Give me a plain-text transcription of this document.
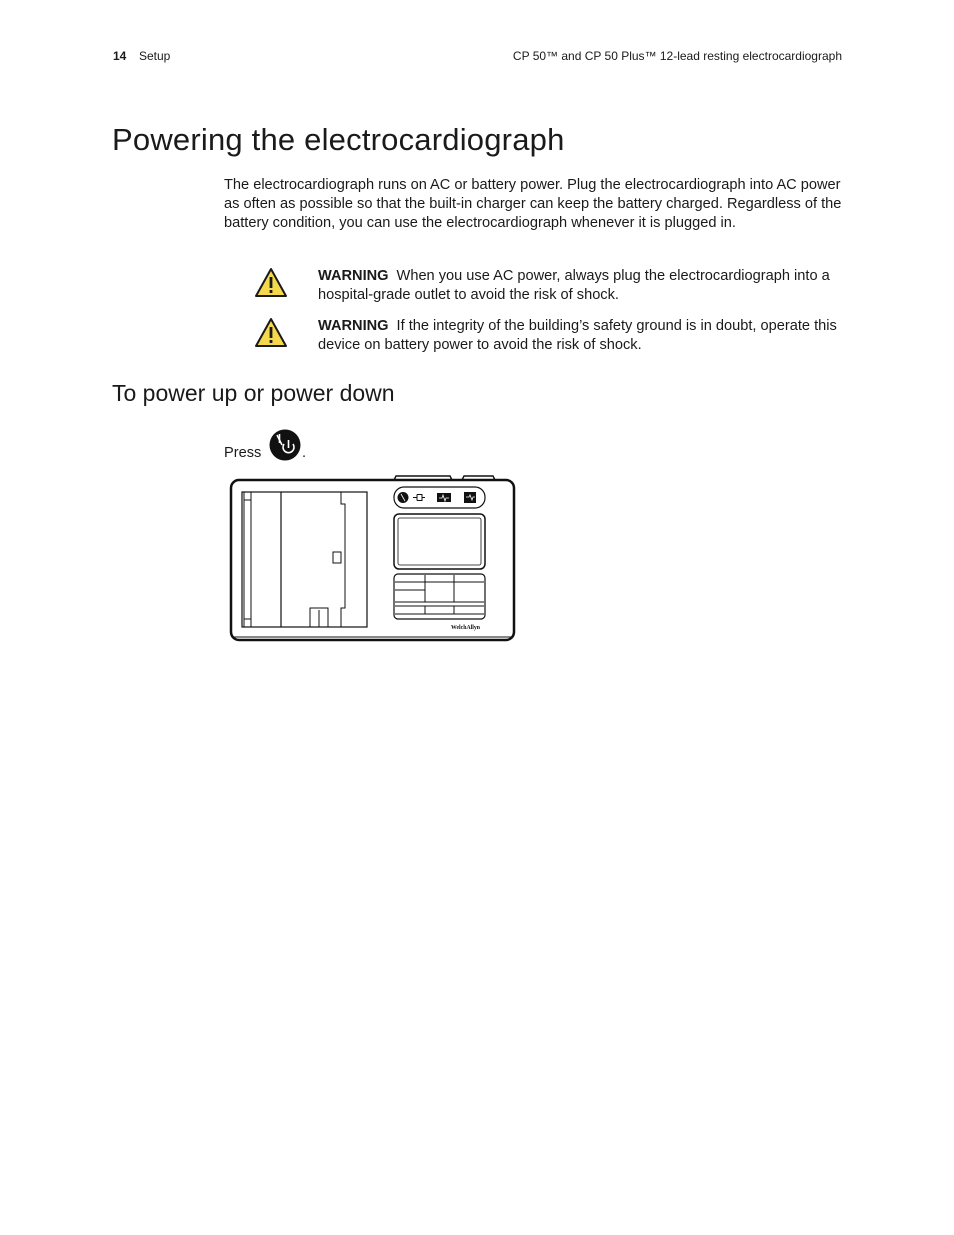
14 Setup	CP 50™ and CP 50 Plus™ 12-lead resting electrocardiograph
Powering the electrocardiograph

The electrocardiograph runs on AC or battery power. Plug the electrocardiograph into AC power as often as possible so that the built-in charger can keep the battery charged. Regardless of the battery condition, you can use the electrocardiograph whenever it is plugged in.

WARNING When you use AC power, always plug the electrocardiograph into a hospital-grade outlet to avoid the risk of shock.

WARNING If the integrity of the building’s safety ground is in doubt, operate this device on battery power to avoid the risk of shock.

To power up or power down
Press	.
WelchAllyn
